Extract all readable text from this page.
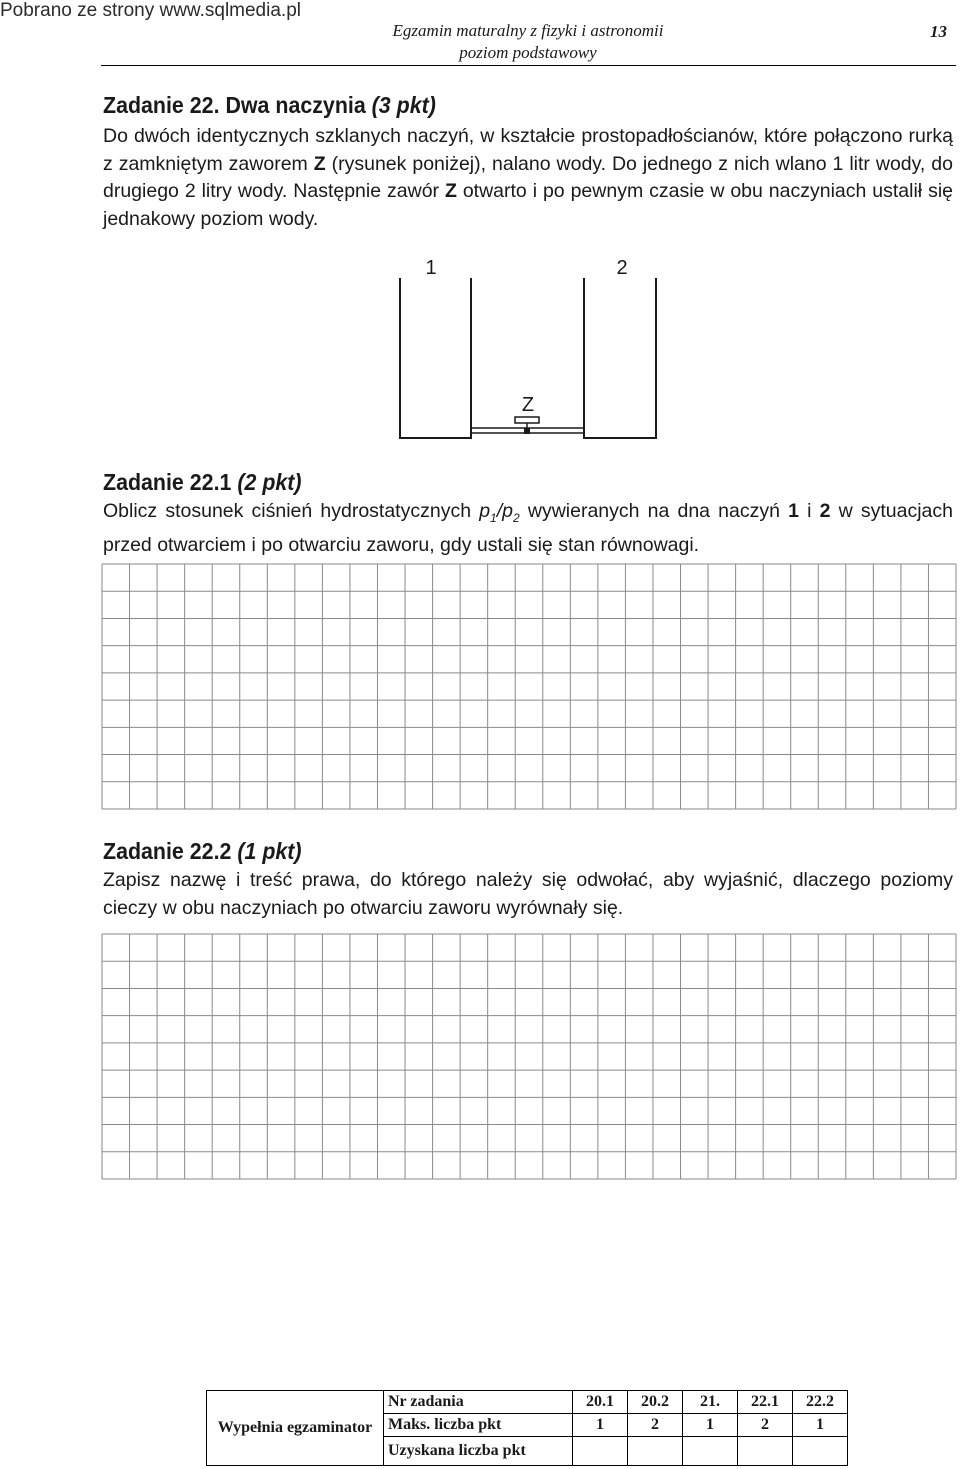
Pobrano ze strony www.sqlmedia.pl
Egzamin maturalny z fizyki i astronomii
poziom podstawowy
13
Zadanie 22. Dwa naczynia (3 pkt)
Do dwóch identycznych szklanych naczyń, w kształcie prostopadłościanów, które połączono rurką z zamkniętym zaworem Z (rysunek poniżej), nalano wody. Do jednego z nich wlano 1 litr wody, do drugiego 2 litry wody. Następnie zawór Z otwarto i po pewnym czasie w obu naczyniach ustalił się jednakowy poziom wody.
1	2
Z
Zadanie 22.1 (2 pkt)
Oblicz stosunek ciśnień hydrostatycznych $p_1/p_2$ wywieranych na dna naczyń 1 i 2 w sytuacjach przed otwarciem i po otwarciu zaworu, gdy ustali się stan równowagi.
Zadanie 22.2 (1 pkt)
Zapisz nazwę i treść prawa, do którego należy się odwołać, aby wyjaśnić, dlaczego poziomy cieczy w obu naczyniach po otwarciu zaworu wyrównały się.
Wypełnia egzaminator	Nr zadania	20.1	20.2	21.	22.1	22.2
	Maks. liczba pkt	1	2	1	2	1
	Uzyskana liczba pkt					
